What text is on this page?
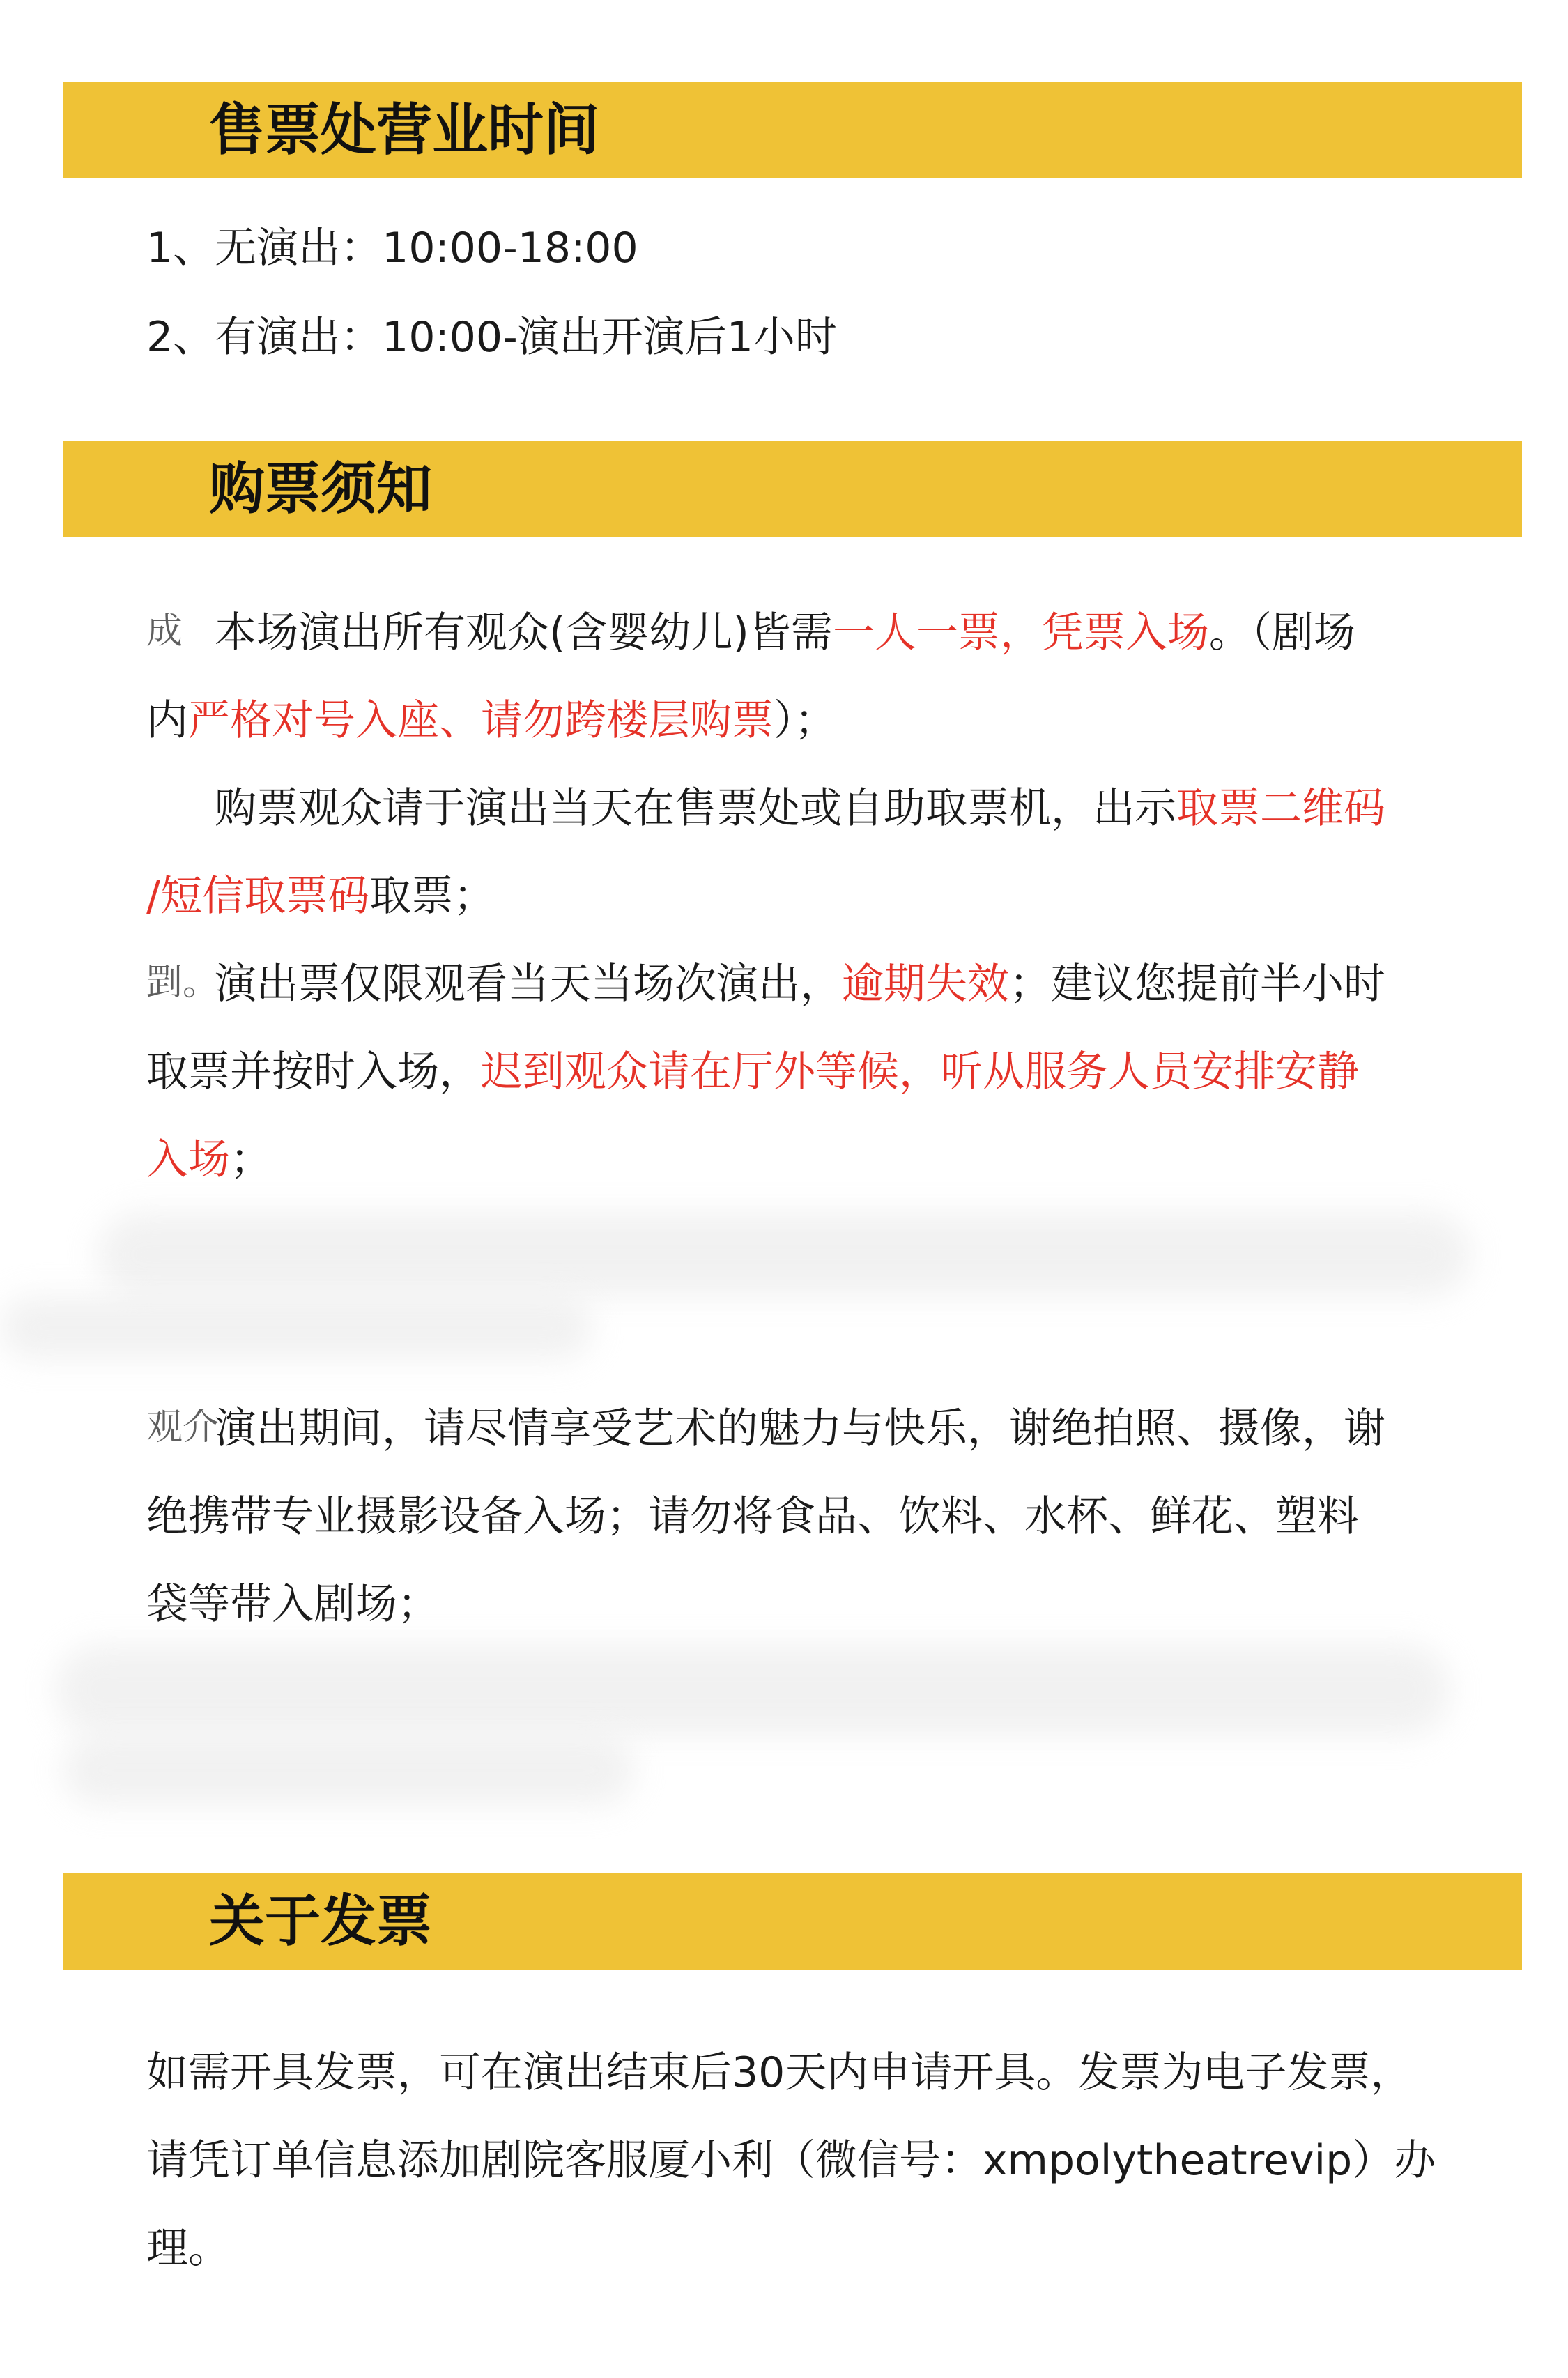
售票处营业时间
1、无演出：10:00-18:00
2、有演出：10:00-演出开演后1小时
购票须知
成 本场演出所有观众(含婴幼儿)皆需一人一票，凭票入场。（剧场
内严格对号入座、请勿跨楼层购票）；
购票观众请于演出当天在售票处或自助取票机，出示取票二维码
/短信取票码取票；
㓻。
演出票仅限观看当天当场次演出，逾期失效；建议您提前半小时
取票并按时入场，迟到观众请在厅外等候，听从服务人员安排安静
入场；
观介
演出期间，请尽情享受艺术的魅力与快乐，谢绝拍照、摄像，谢
绝携带专业摄影设备入场；请勿将食品、饮料、水杯、鲜花、塑料
袋等带入剧场；
关于发票
如需开具发票，可在演出结束后30天内申请开具。发票为电子发票，
请凭订单信息添加剧院客服厦小利（微信号：xmpolytheatrevip）办
理。
